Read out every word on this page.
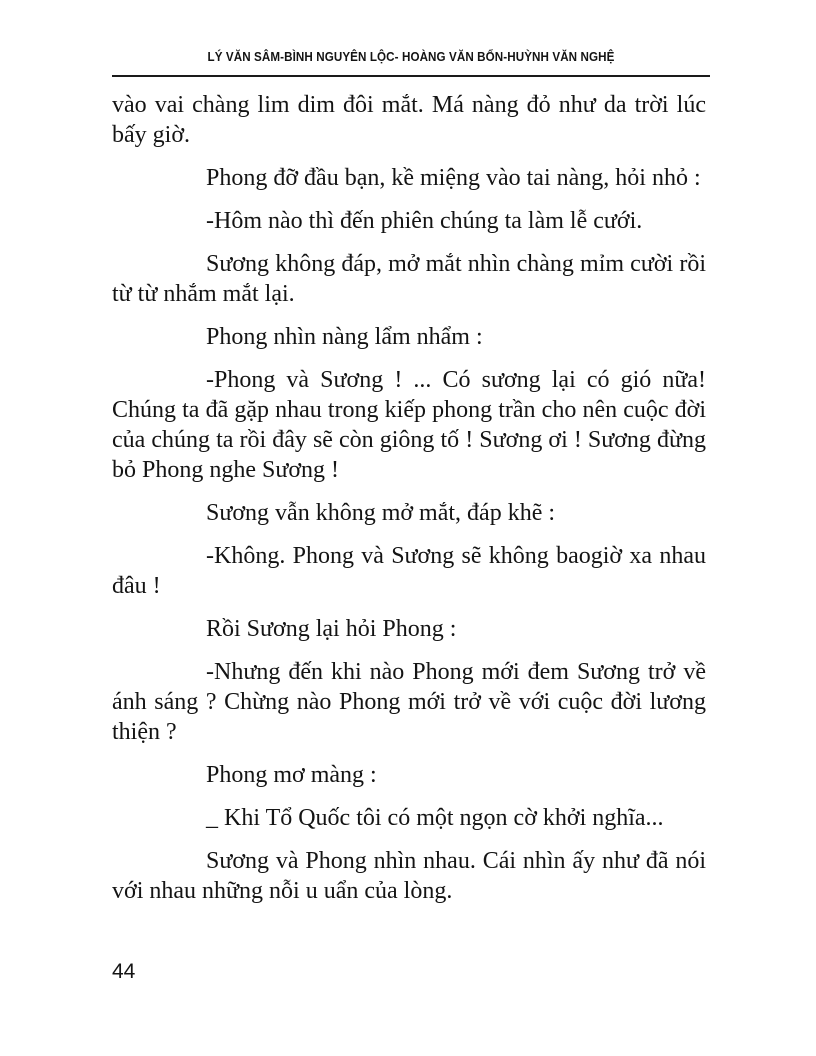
LÝ VĂN SÂM-BÌNH NGUYÊN LỘC- HOÀNG VĂN BỔN-HUỲNH VĂN NGHỆ

vào vai chàng lim dim đôi mắt. Má nàng đỏ như da trời lúc bấy giờ.

Phong đỡ đầu bạn, kề miệng vào tai nàng, hỏi nhỏ :

-Hôm nào thì đến phiên chúng ta làm lễ cưới.

Sương không đáp, mở mắt nhìn chàng mỉm cười rồi từ từ nhắm mắt lại.

Phong nhìn nàng lẩm nhẩm :

-Phong và Sương ! ... Có sương lại có gió nữa! Chúng ta đã gặp nhau trong kiếp phong trần cho nên cuộc đời của chúng ta rồi đây sẽ còn giông tố ! Sương ơi ! Sương đừng bỏ Phong nghe Sương !

Sương vẫn không mở mắt, đáp khẽ :

-Không. Phong và Sương sẽ không baogiờ xa nhau đâu !

Rồi Sương lại hỏi Phong :

-Nhưng đến khi nào Phong mới đem Sương trở về ánh sáng ? Chừng nào Phong mới trở về với cuộc đời lương thiện ?

Phong mơ màng :

_ Khi Tổ Quốc tôi có một ngọn cờ khởi nghĩa...

Sương và Phong nhìn nhau. Cái nhìn ấy như đã nói với nhau những nỗi u uẩn của lòng.

44
